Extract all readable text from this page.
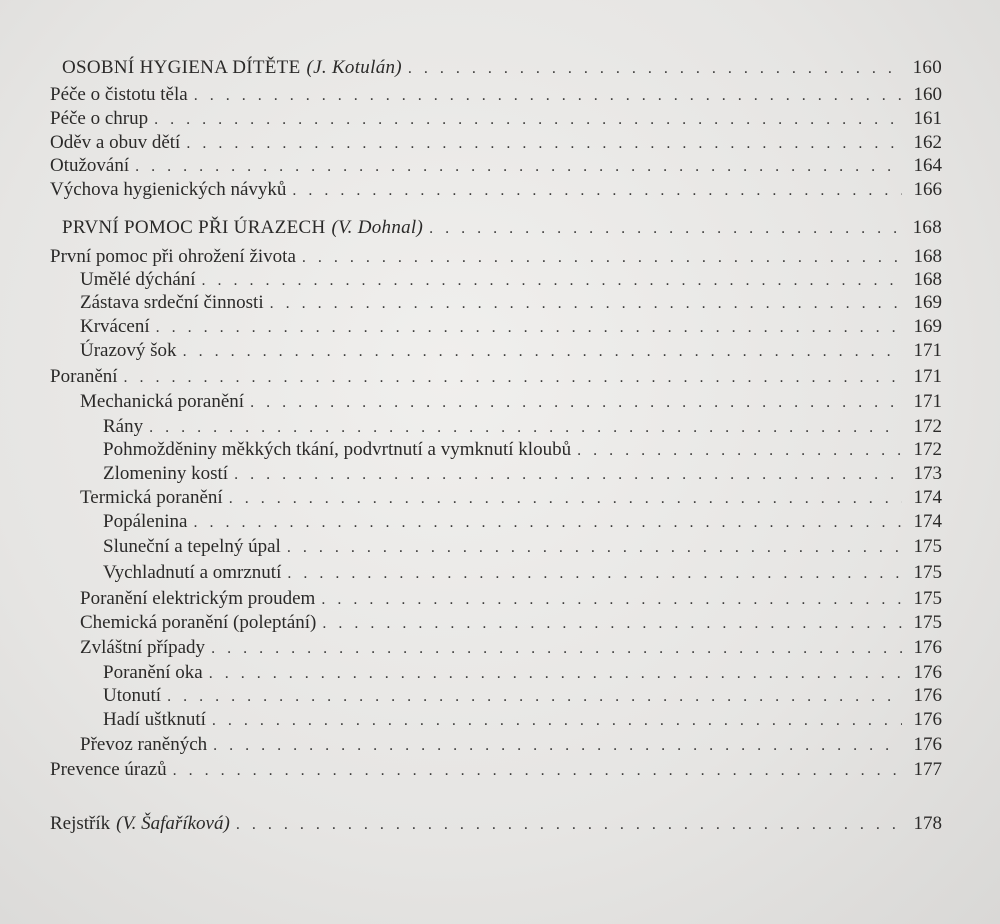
OSOBNÍ HYGIENA DÍTĚTE (J. Kotulán) . . .	160
Péče o čistotu těla . . .	160
Péče o chrup . . .	161
Oděv a obuv dětí . . .	162
Otužování . . .	164
Výchova hygienických návyků . . .	166
PRVNÍ POMOC PŘI ÚRAZECH (V. Dohnal) . . .	168
První pomoc při ohrožení života . . .	168
Umělé dýchání . . .	168
Zástava srdeční činnosti . . .	169
Krvácení . . .	169
Úrazový šok . . .	171
Poranění . . .	171
Mechanická poranění . . .	171
Rány . . .	172
Pohmožděniny měkkých tkání, podvrtnutí a vymknutí kloubů . . .	172
Zlomeniny kostí . . .	173
Termická poranění . . .	174
Popálenina . . .	174
Sluneční a tepelný úpal . . .	175
Vychladnutí a omrznutí . . .	175
Poranění elektrickým proudem . . .	175
Chemická poranění (poleptání) . . .	175
Zvláštní případy . . .	176
Poranění oka . . .	176
Utonutí . . .	176
Hadí uštknutí . . .	176
Převoz raněných . . .	176
Prevence úrazů . . .	177
Rejstřík (V. Šafaříková) . . .	178
